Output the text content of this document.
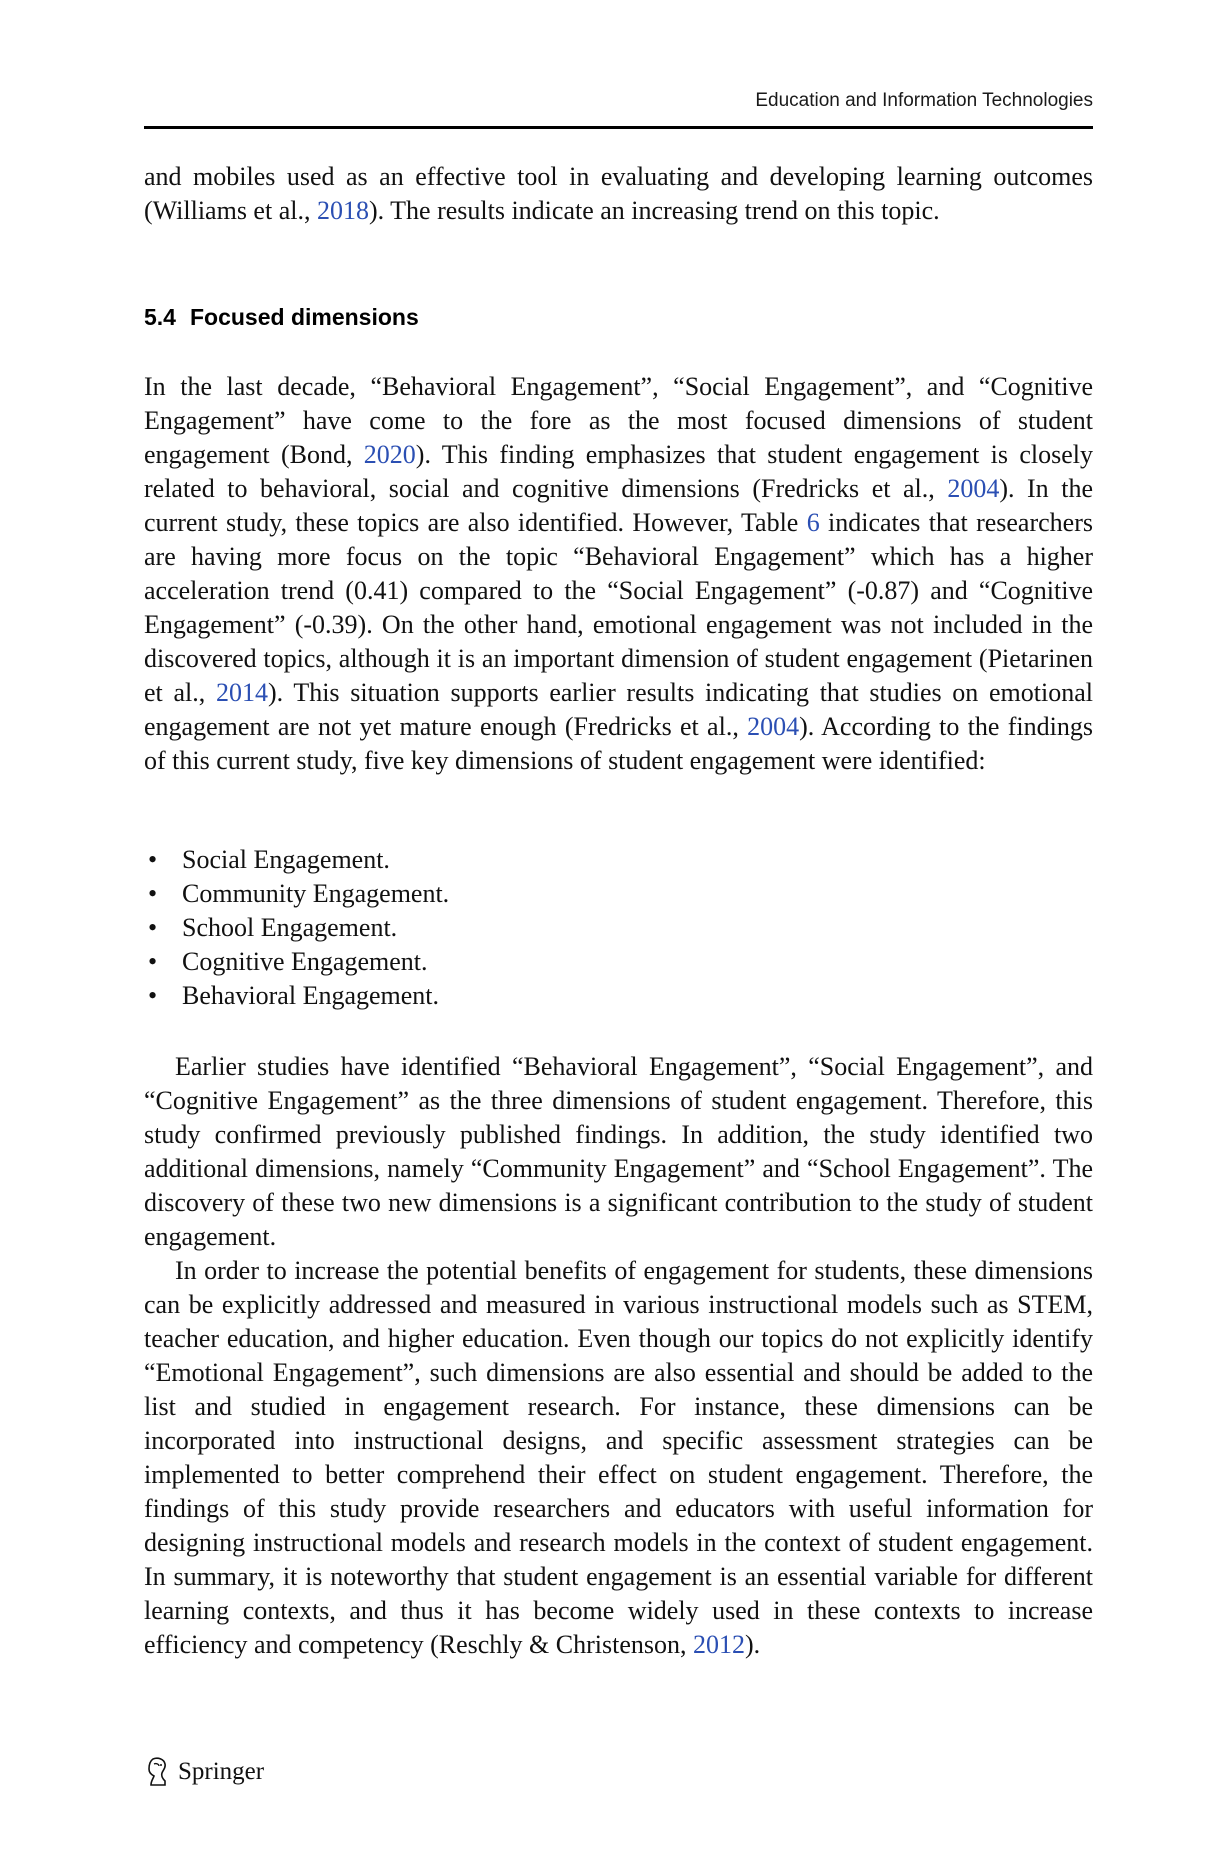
Education and Information Technologies

and mobiles used as an effective tool in evaluating and developing learning outcomes (Williams et al., 2018). The results indicate an increasing trend on this topic.

5.4 Focused dimensions

In the last decade, “Behavioral Engagement”, “Social Engagement”, and “Cognitive Engagement” have come to the fore as the most focused dimensions of student engagement (Bond, 2020). This finding emphasizes that student engagement is closely related to behavioral, social and cognitive dimensions (Fredricks et al., 2004). In the current study, these topics are also identified. However, Table 6 indicates that researchers are having more focus on the topic “Behavioral Engagement” which has a higher acceleration trend (0.41) compared to the “Social Engagement” (-0.87) and “Cognitive Engagement” (-0.39). On the other hand, emotional engagement was not included in the discovered topics, although it is an important dimension of student engagement (Pietarinen et al., 2014). This situation supports earlier results indicating that studies on emotional engagement are not yet mature enough (Fredricks et al., 2004). According to the findings of this current study, five key dimensions of student engagement were identified:

• Social Engagement.
• Community Engagement.
• School Engagement.
• Cognitive Engagement.
• Behavioral Engagement.

Earlier studies have identified “Behavioral Engagement”, “Social Engagement”, and “Cognitive Engagement” as the three dimensions of student engagement. Therefore, this study confirmed previously published findings. In addition, the study identified two additional dimensions, namely “Community Engagement” and “School Engagement”. The discovery of these two new dimensions is a significant contribution to the study of student engagement.

In order to increase the potential benefits of engagement for students, these dimensions can be explicitly addressed and measured in various instructional models such as STEM, teacher education, and higher education. Even though our topics do not explicitly identify “Emotional Engagement”, such dimensions are also essential and should be added to the list and studied in engagement research. For instance, these dimensions can be incorporated into instructional designs, and specific assessment strategies can be implemented to better comprehend their effect on student engagement. Therefore, the findings of this study provide researchers and educators with useful information for designing instructional models and research models in the context of student engagement. In summary, it is noteworthy that student engagement is an essential variable for different learning contexts, and thus it has become widely used in these contexts to increase efficiency and competency (Reschly & Christenson, 2012).

Springer
